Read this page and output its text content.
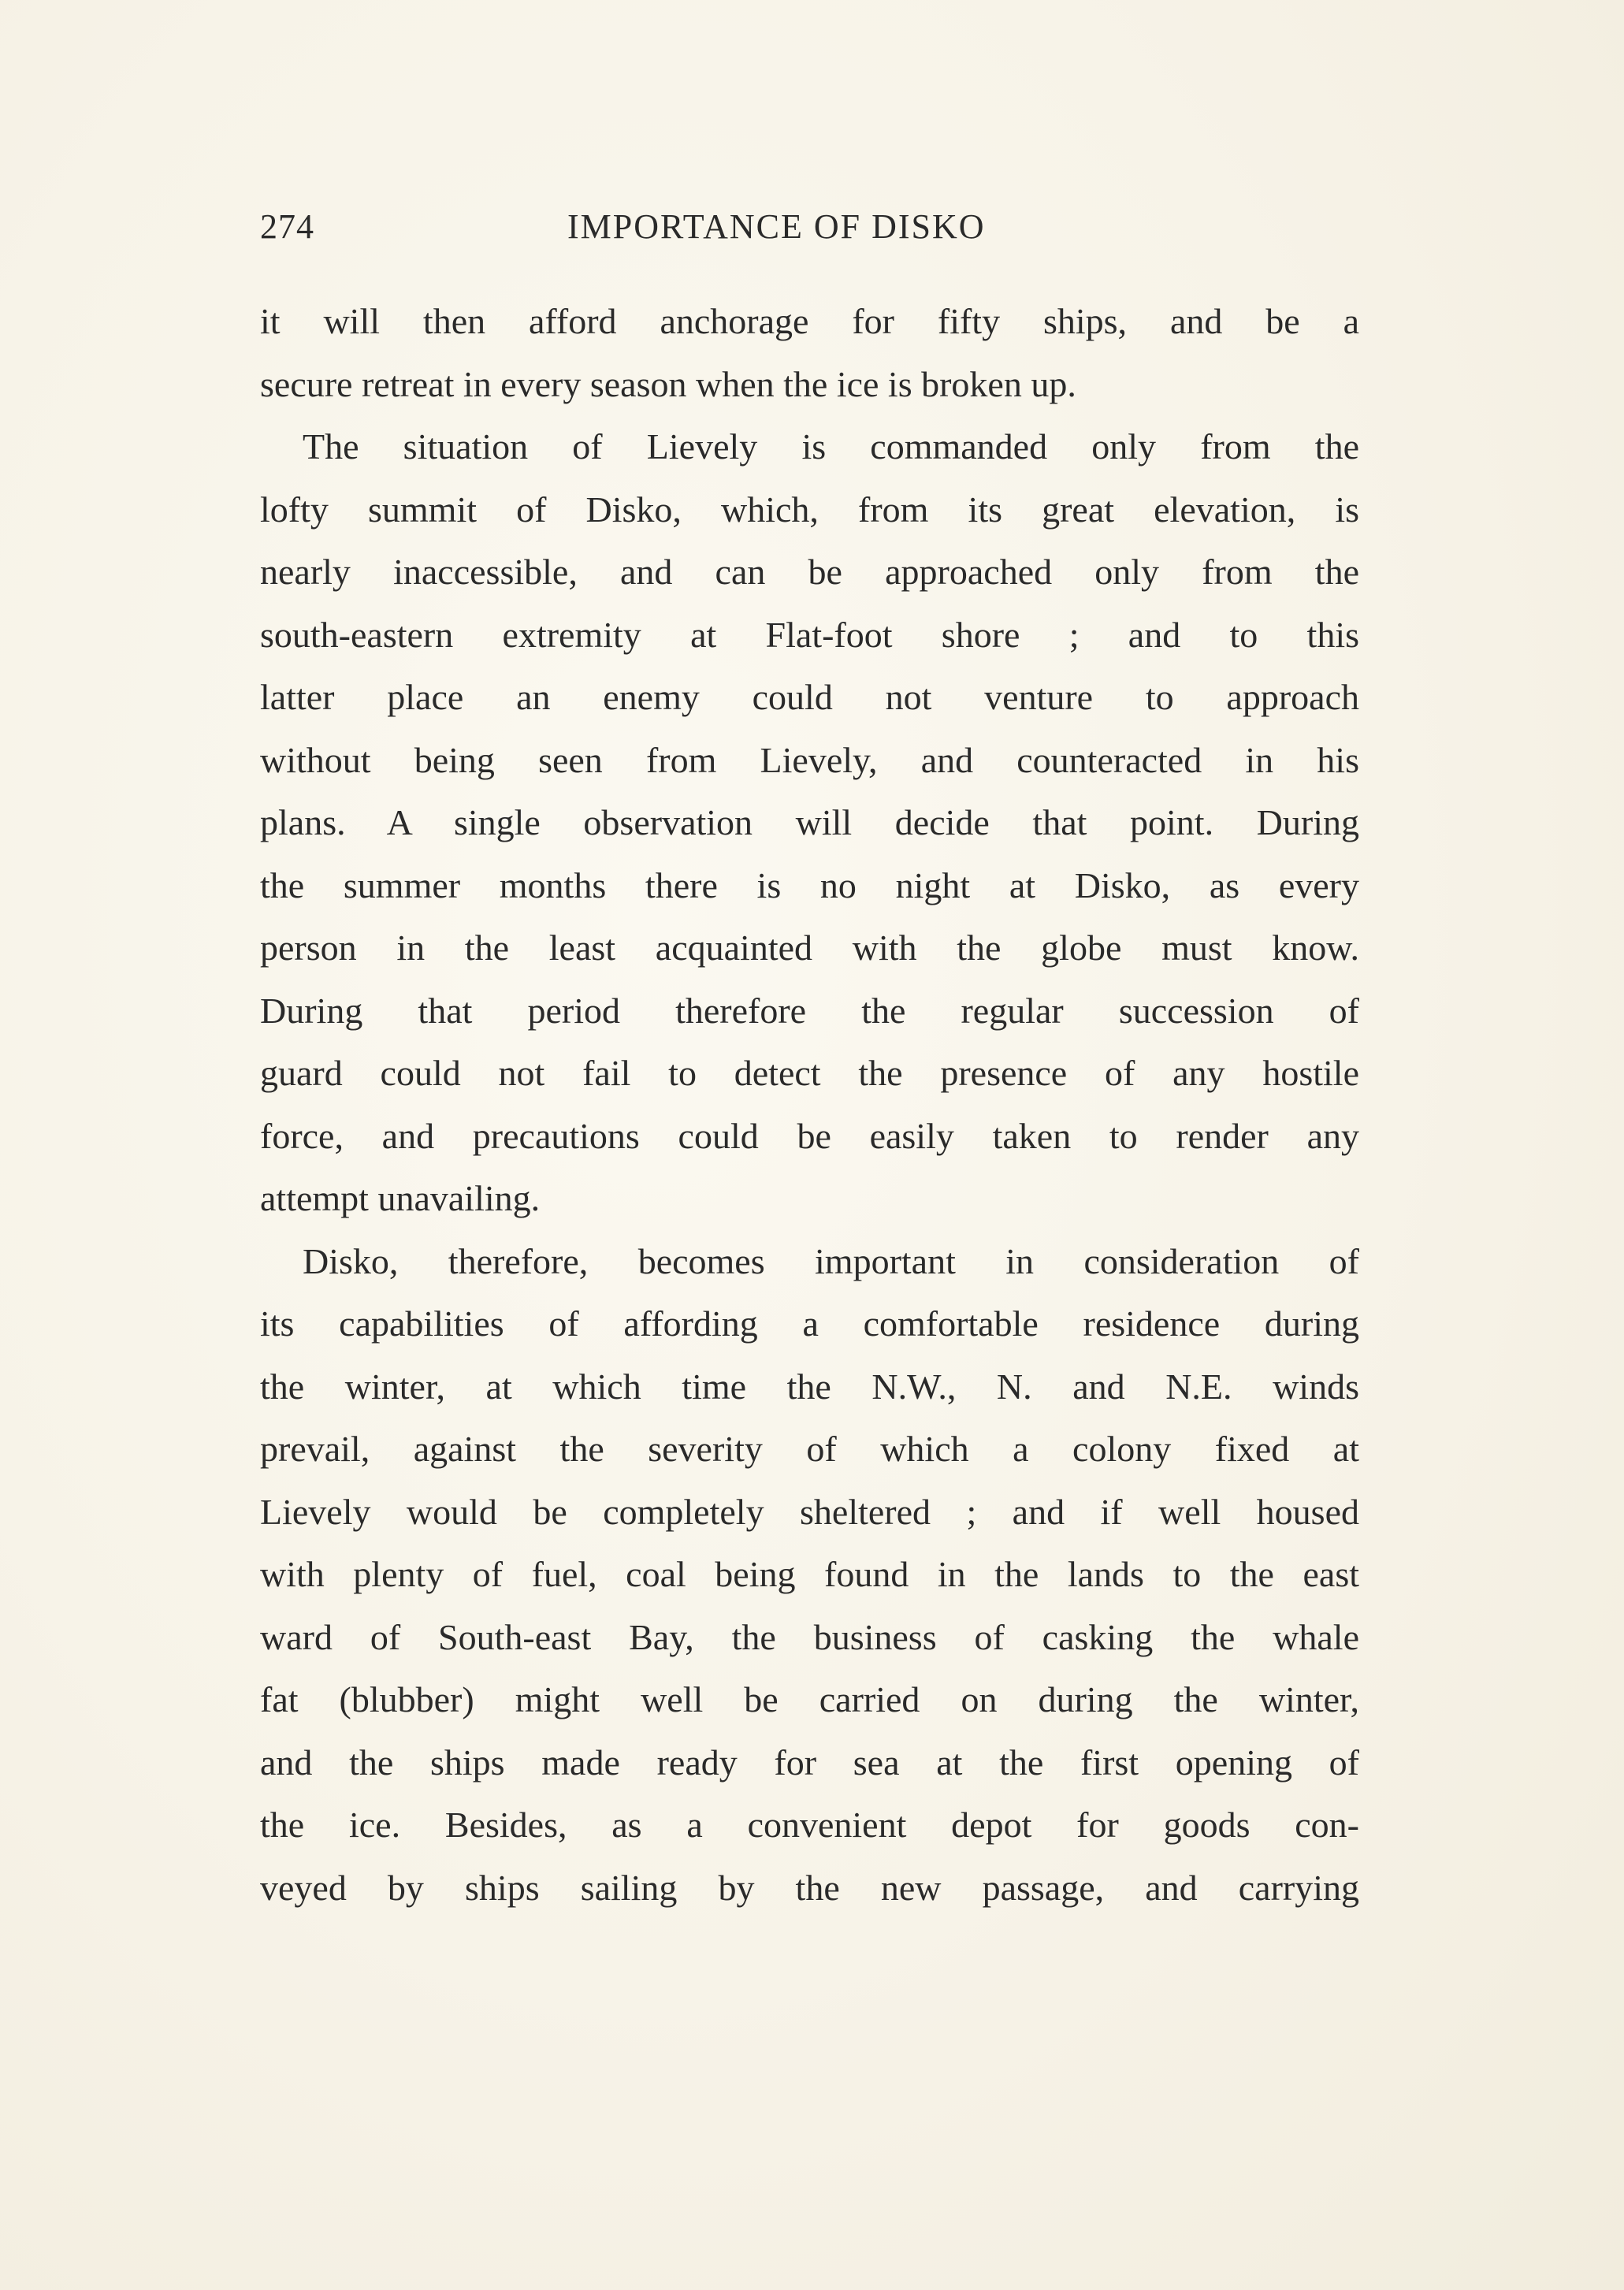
274	IMPORTANCE OF DISKO
it will then afford anchorage for fifty ships, and be a
secure retreat in every season when the ice is broken up.
The situation of Lievely is commanded only from the
lofty summit of Disko, which, from its great elevation, is
nearly inaccessible, and can be approached only from the
south-eastern extremity at Flat-foot shore ; and to this
latter place an enemy could not venture to approach
without being seen from Lievely, and counteracted in his
plans. A single observation will decide that point. During
the summer months there is no night at Disko, as every
person in the least acquainted with the globe must know.
During that period therefore the regular succession of
guard could not fail to detect the presence of any hostile
force, and precautions could be easily taken to render any
attempt unavailing.
Disko, therefore, becomes important in consideration of
its capabilities of affording a comfortable residence during
the winter, at which time the N.W., N. and N.E. winds
prevail, against the severity of which a colony fixed at
Lievely would be completely sheltered ; and if well housed
with plenty of fuel, coal being found in the lands to the east
ward of South-east Bay, the business of casking the whale
fat (blubber) might well be carried on during the winter,
and the ships made ready for sea at the first opening of
the ice. Besides, as a convenient depot for goods con-
veyed by ships sailing by the new passage, and carrying
